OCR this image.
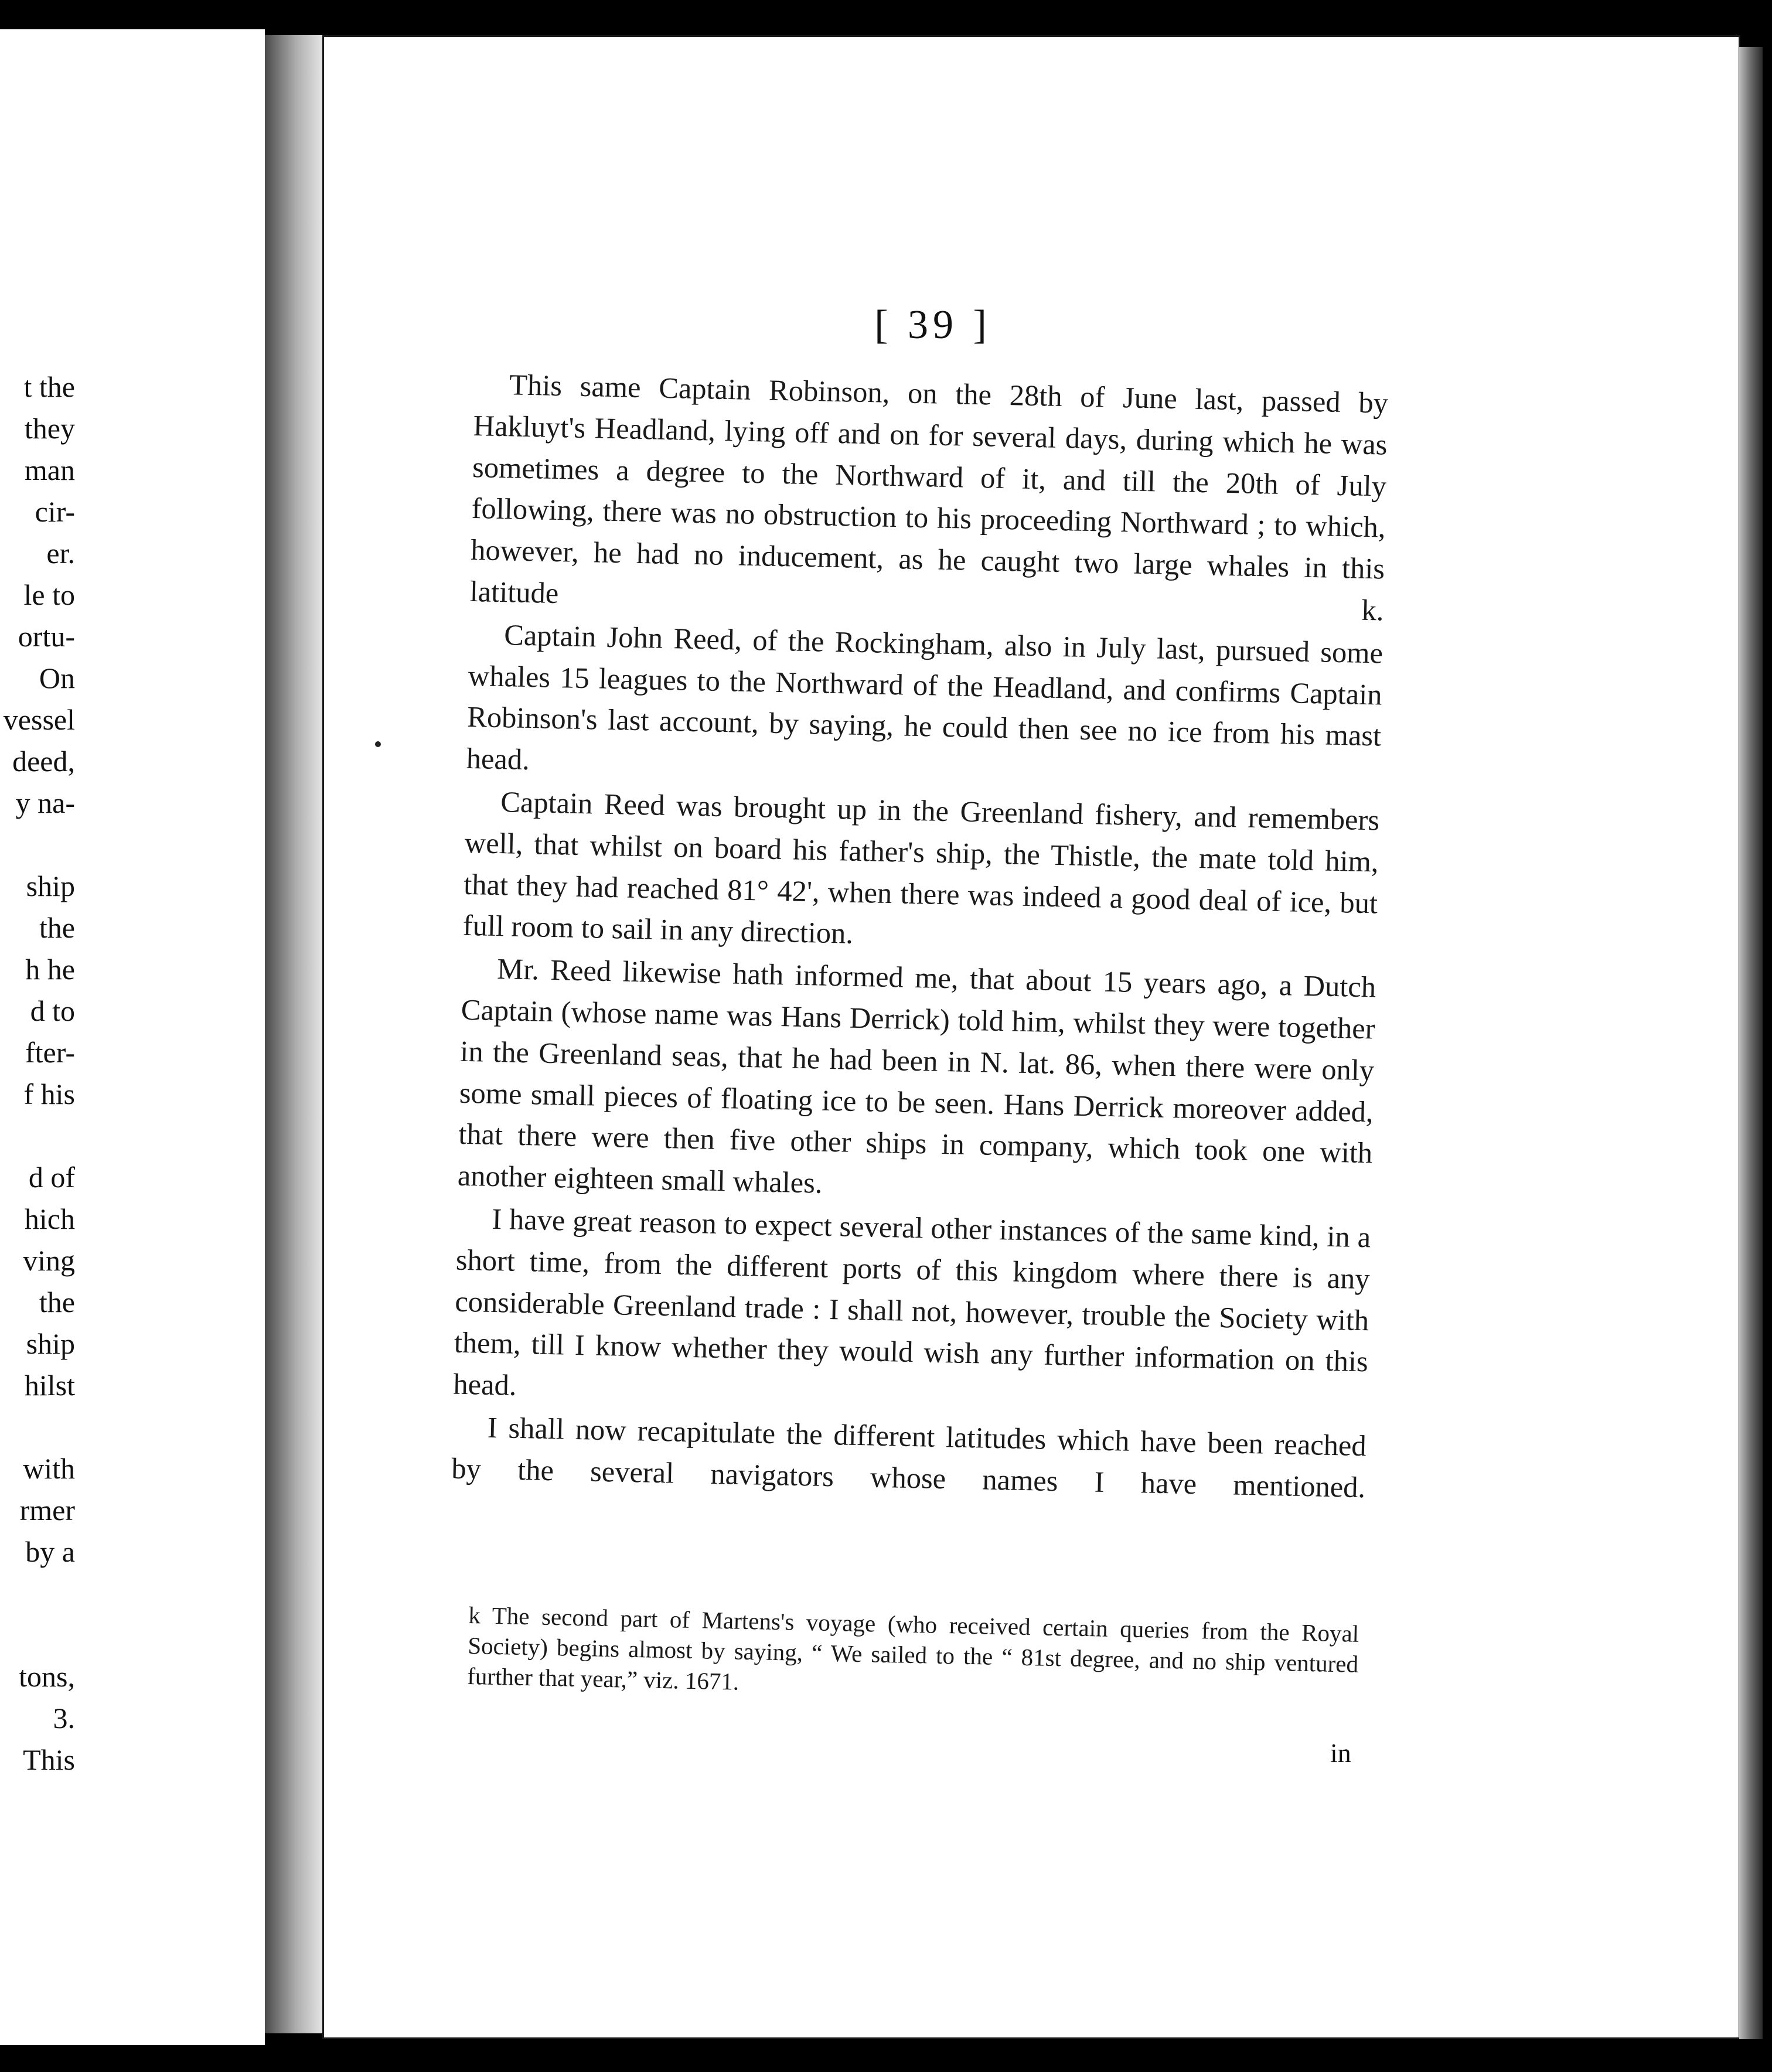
t the
they
man
cir-
er.
le to
ortu-
On
vessel
deed,
y na-
ship
the
h he
d to
fter-
f his
d of
hich
ving
the
ship
hilst
with
rmer
by a
tons,
3.
This
[ 39 ]

This same Captain Robinson, on the 28th of June last, passed by Hakluyt's Headland, lying off and on for several days, during which he was sometimes a degree to the Northward of it, and till the 20th of July following, there was no obstruction to his proceeding Northward ; to which, however, he had no inducement, as he caught two large whales in this latitude k.

Captain John Reed, of the Rockingham, also in July last, pursued some whales 15 leagues to the Northward of the Headland, and confirms Captain Robinson's last account, by saying, he could then see no ice from his mast head.

Captain Reed was brought up in the Greenland fishery, and remembers well, that whilst on board his father's ship, the Thistle, the mate told him, that they had reached 81° 42', when there was indeed a good deal of ice, but full room to sail in any direction.

Mr. Reed likewise hath informed me, that about 15 years ago, a Dutch Captain (whose name was Hans Derrick) told him, whilst they were together in the Greenland seas, that he had been in N. lat. 86, when there were only some small pieces of floating ice to be seen. Hans Derrick moreover added, that there were then five other ships in company, which took one with another eighteen small whales.

I have great reason to expect several other instances of the same kind, in a short time, from the different ports of this kingdom where there is any considerable Greenland trade : I shall not, however, trouble the Society with them, till I know whether they would wish any further information on this head.

I shall now recapitulate the different latitudes which have been reached by the several navigators whose names I have mentioned.

k The second part of Martens's voyage (who received certain queries from the Royal Society) begins almost by saying, “ We sailed to the “ 81st degree, and no ship ventured further that year,” viz. 1671.
in
